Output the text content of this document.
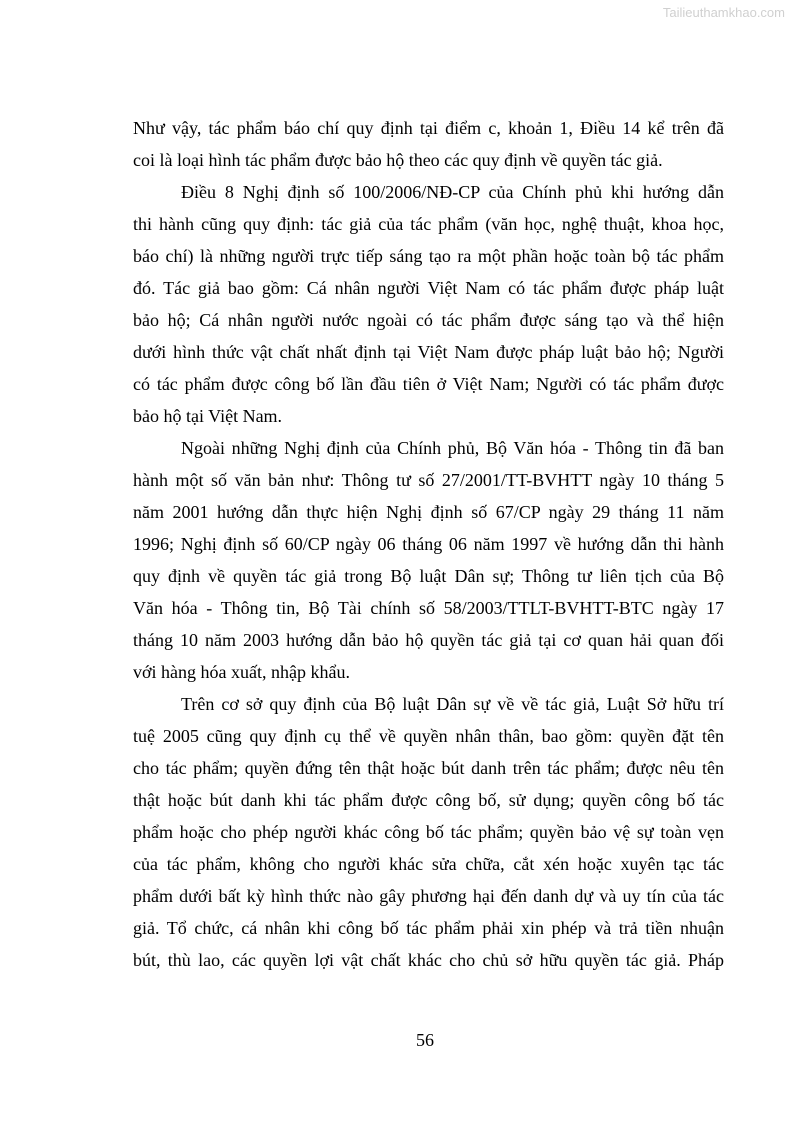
Tailieuthamkhao.com
Như vậy, tác phẩm báo chí quy định tại điểm c, khoản 1, Điều 14 kể trên đã
coi là loại hình tác phẩm được bảo hộ theo các quy định về quyền tác giả.
Điều 8 Nghị định số 100/2006/NĐ-CP của Chính phủ khi hướng dẫn
thi hành cũng quy định: tác giả của tác phẩm (văn học, nghệ thuật, khoa học,
báo chí) là những người trực tiếp sáng tạo ra một phần hoặc toàn bộ tác phẩm
đó. Tác giả bao gồm: Cá nhân người Việt Nam có tác phẩm được pháp luật
bảo hộ; Cá nhân người nước ngoài có tác phẩm được sáng tạo và thể hiện
dưới hình thức vật chất nhất định tại Việt Nam được pháp luật bảo hộ; Người
có tác phẩm được công bố lần đầu tiên ở Việt Nam; Người có tác phẩm được
bảo hộ tại Việt Nam.
Ngoài những Nghị định của Chính phủ, Bộ Văn hóa - Thông tin đã ban
hành một số văn bản như: Thông tư số 27/2001/TT-BVHTT ngày 10 tháng 5
năm 2001 hướng dẫn thực hiện Nghị định số 67/CP ngày 29 tháng 11 năm
1996; Nghị định số 60/CP ngày 06 tháng 06 năm 1997 về hướng dẫn thi hành
quy định về quyền tác giả trong Bộ luật Dân sự; Thông tư liên tịch của Bộ
Văn hóa - Thông tin, Bộ Tài chính số 58/2003/TTLT-BVHTT-BTC ngày 17
tháng 10 năm 2003 hướng dẫn bảo hộ quyền tác giả tại cơ quan hải quan đối
với hàng hóa xuất, nhập khẩu.
Trên cơ sở quy định của Bộ luật Dân sự về về tác giả, Luật Sở hữu trí
tuệ 2005 cũng quy định cụ thể về quyền nhân thân, bao gồm: quyền đặt tên
cho tác phẩm; quyền đứng tên thật hoặc bút danh trên tác phẩm; được nêu tên
thật hoặc bút danh khi tác phẩm được công bố, sử dụng; quyền công bố tác
phẩm hoặc cho phép người khác công bố tác phẩm; quyền bảo vệ sự toàn vẹn
của tác phẩm, không cho người khác sửa chữa, cắt xén hoặc xuyên tạc tác
phẩm dưới bất kỳ hình thức nào gây phương hại đến danh dự và uy tín của tác
giả. Tổ chức, cá nhân khi công bố tác phẩm phải xin phép và trả tiền nhuận
bút, thù lao, các quyền lợi vật chất khác cho chủ sở hữu quyền tác giả. Pháp
56
